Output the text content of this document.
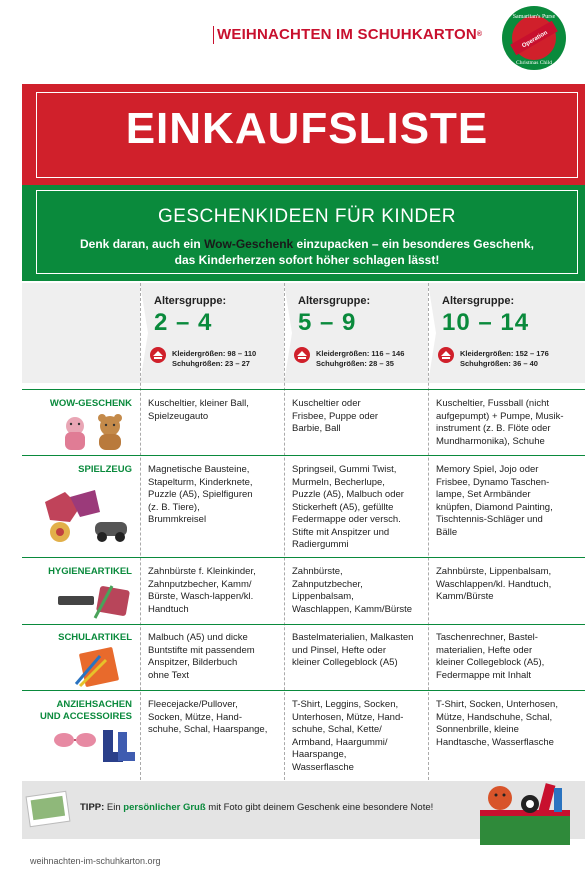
WEIHNACHTEN IM SCHUHKARTON®
Samaritan's Purse
Operation
Christmas Child
EINKAUFSLISTE
GESCHENKIDEEN FÜR KINDER
Denk daran, auch ein Wow-Geschenk einzupacken – ein besonderes Geschenk,
das Kinderherzen sofort höher schlagen lässt!
Altersgruppe:
2 – 4
Kleidergrößen: 98 – 110
Schuhgrößen: 23 – 27
Altersgruppe:
5 – 9
Kleidergrößen: 116 – 146
Schuhgrößen: 28 – 35
Altersgruppe:
10 – 14
Kleidergrößen: 152 – 176
Schuhgrößen: 36 – 40
WOW-GESCHENK Kuscheltier, kleiner Ball,
Spielzeugauto
Kuscheltier oder
Frisbee, Puppe oder
Barbie, Ball
Kuscheltier, Fussball (nicht
aufgepumpt) + Pumpe, Musik-
instrument (z. B. Flöte oder
Mundharmonika), Schuhe
SPIELZEUG Magnetische Bausteine,
Stapelturm, Kinderknete,
Puzzle (A5), Spielfiguren
(z. B. Tiere),
Brummkreisel
Springseil, Gummi Twist,
Murmeln, Becherlupe,
Puzzle (A5), Malbuch oder
Stickerheft (A5), gefüllte
Federmappe oder versch.
Stifte mit Anspitzer und
Radiergummi
Memory Spiel, Jojo oder
Frisbee, Dynamo Taschen-
lampe, Set Armbänder
knüpfen, Diamond Painting,
Tischtennis-Schläger und
Bälle
HYGIENEARTIKEL Zahnbürste f. Kleinkinder,
Zahnputzbecher, Kamm/
Bürste, Wasch-lappen/kl.
Handtuch
Zahnbürste,
Zahnputzbecher,
Lippenbalsam,
Waschlappen, Kamm/Bürste
Zahnbürste, Lippenbalsam,
Waschlappen/kl. Handtuch,
Kamm/Bürste
SCHULARTIKEL Malbuch (A5) und dicke
Buntstifte mit passendem
Anspitzer, Bilderbuch
ohne Text
Bastelmaterialien, Malkasten
und Pinsel, Hefte oder
kleiner Collegeblock (A5)
Taschenrechner, Bastel-
materialien, Hefte oder
kleiner Collegeblock (A5),
Federmappe mit Inhalt
ANZIEHSACHEN
UND ACCESSOIRES
Fleecejacke/Pullover,
Socken, Mütze, Hand-
schuhe, Schal, Haarspange,
T-Shirt, Leggins, Socken,
Unterhosen, Mütze, Hand-
schuhe, Schal, Kette/
Armband, Haargummi/
Haarspange,
Wasserflasche
T-Shirt, Socken, Unterhosen,
Mütze, Handschuhe, Schal,
Sonnenbrille, kleine
Handtasche, Wasserflasche
TIPP: Ein persönlicher Gruß mit Foto gibt deinem Geschenk eine besondere Note!
weihnachten-im-schuhkarton.org
